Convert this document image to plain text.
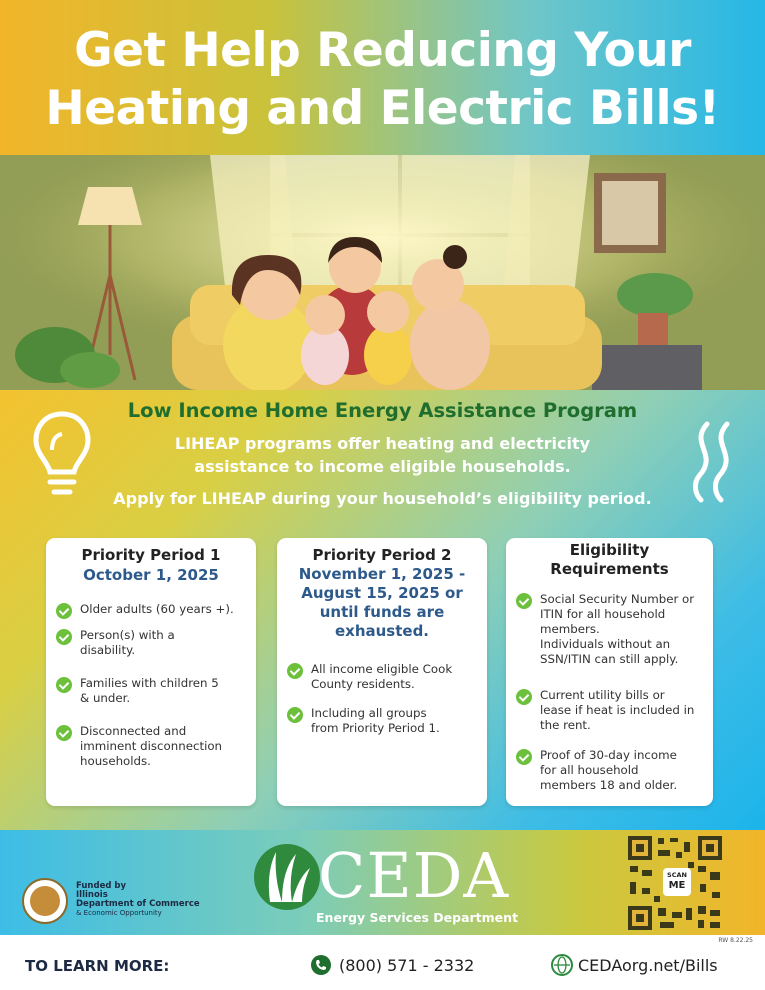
Get Help Reducing Your
Heating and Electric Bills!
Low Income Home Energy Assistance Program
LIHEAP programs offer heating and electricity
assistance to income eligible households.
Apply for LIHEAP during your household’s eligibility period.
Priority Period 1
October 1, 2025
Older adults (60 years +).
Person(s) with a
disability.
Families with children 5
& under.
Disconnected and
imminent disconnection
households.
Priority Period 2
November 1, 2025 -
August 15, 2025 or
until funds are
exhausted.
All income eligible Cook
County residents.
Including all groups
from Priority Period 1.
Eligibility
Requirements
Social Security Number or
ITIN for all household
members.
Individuals without an
SSN/ITIN can still apply.
Current utility bills or
lease if heat is included in
the rent.
Proof of 30-day income
for all household
members 18 and older.
Funded by
Illinois
Department of Commerce
& Economic Opportunity
CEDA
Energy Services Department
SCAN
ME
RW 8.22.25
TO LEARN MORE:	(800) 571 - 2332	CEDAorg.net/Bills
